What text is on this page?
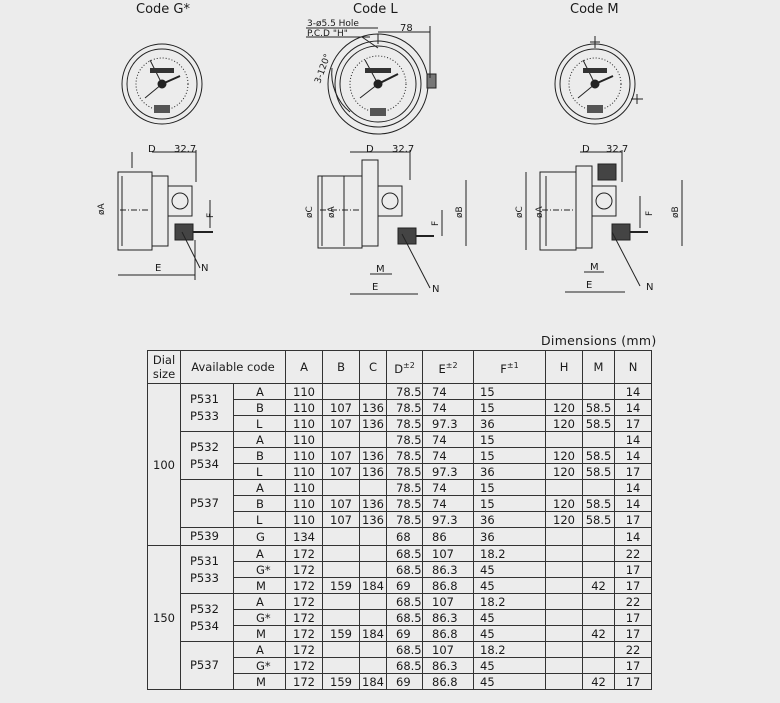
Code G*	Code L	Code M
3-ø5.5 Hole
P.C.D "H"
3-120°
78
D 32.7
øA
F
E	N
D 32.7
øC øA	øB
F
M
E	N
D 32.7
øC øA	øB
F
M
E	N
Dimensions (mm)
Dial
size	Available code		A	B	C	$D^{\pm 2}$	$E^{\pm 2}$	$F^{\pm 1}$	H	M	N
100	P531
P533	A	110			78.5	74	15			14
		B	110	107	136	78.5	74	15	120	58.5	14
		L	110	107	136	78.5	97.3	36	120	58.5	17
	P532
P534	A	110			78.5	74	15			14
		B	110	107	136	78.5	74	15	120	58.5	14
		L	110	107	136	78.5	97.3	36	120	58.5	17
	P537	A	110			78.5	74	15			14
		B	110	107	136	78.5	74	15	120	58.5	14
		L	110	107	136	78.5	97.3	36	120	58.5	17
	P539	G	134			68	86	36			14
150	P531
P533	A	172			68.5	107	18.2			22
		G*	172			68.5	86.3	45			17
		M	172	159	184	69	86.8	45		42	17
	P532
P534	A	172			68.5	107	18.2			22
		G*	172			68.5	86.3	45			17
		M	172	159	184	69	86.8	45		42	17
	P537	A	172			68.5	107	18.2			22
		G*	172			68.5	86.3	45			17
		M	172	159	184	69	86.8	45		42	17
